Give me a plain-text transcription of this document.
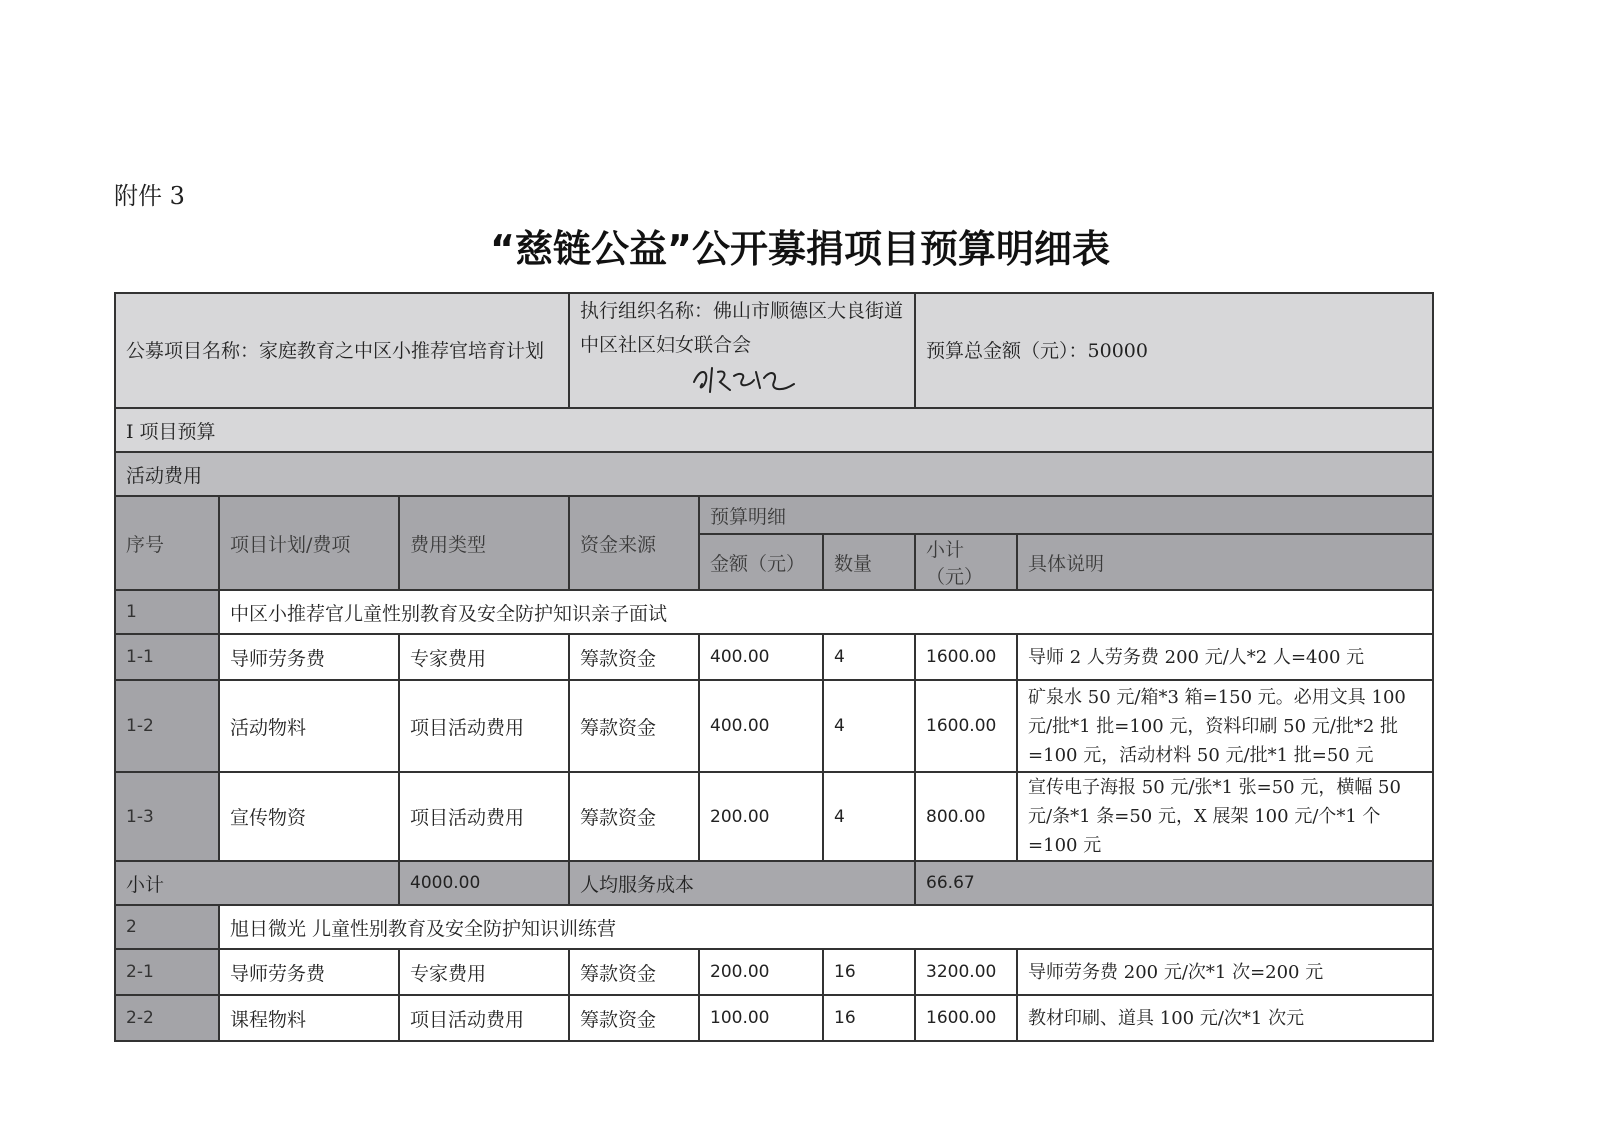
附件 3
“慈链公益”公开募捐项目预算明细表
公募项目名称：家庭教育之中区小推荐官培育计划			执行组织名称：佛山市顺德区大良街道中区社区妇女联合会			预算总金额（元）：50000	
I 项目预算							
活动费用							
序号	项目计划/费项	费用类型	资金来源	预算明细			
				金额（元）	数量	小计（元）	具体说明
1	中区小推荐官儿童性别教育及安全防护知识亲子面试						
1-1	导师劳务费	专家费用	筹款资金	400.00	4	1600.00	导师 2 人劳务费 200 元/人*2 人=400 元
1-2	活动物料	项目活动费用	筹款资金	400.00	4	1600.00	矿泉水 50 元/箱*3 箱=150 元。必用文具 100 元/批*1 批=100 元，资料印刷 50 元/批*2 批=100 元，活动材料 50 元/批*1 批=50 元
1-3	宣传物资	项目活动费用	筹款资金	200.00	4	800.00	宣传电子海报 50 元/张*1 张=50 元，横幅 50 元/条*1 条=50 元，X 展架 100 元/个*1 个=100 元
小计		4000.00	人均服务成本			66.67	
2	旭日微光 儿童性别教育及安全防护知识训练营						
2-1	导师劳务费	专家费用	筹款资金	200.00	16	3200.00	导师劳务费 200 元/次*1 次=200 元
2-2	课程物料	项目活动费用	筹款资金	100.00	16	1600.00	教材印刷、道具 100 元/次*1 次元
